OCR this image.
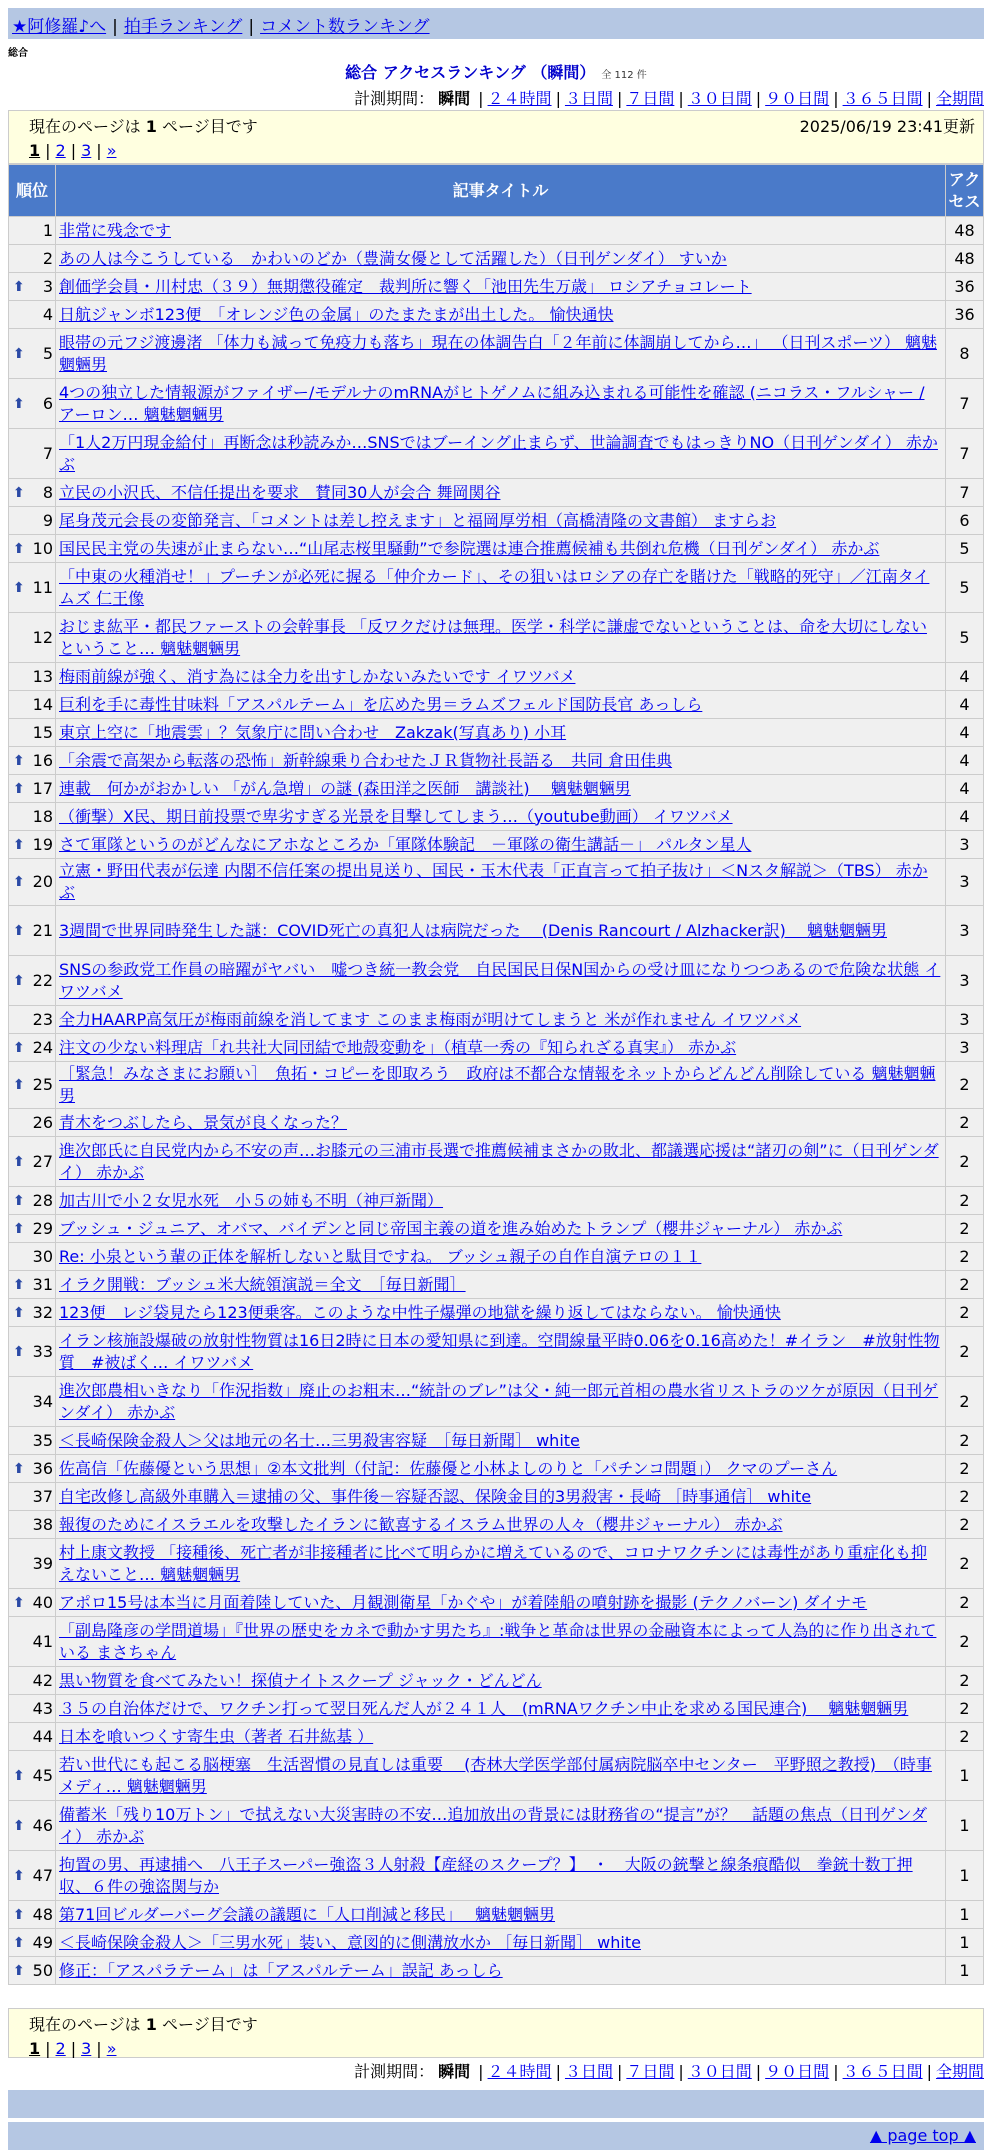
★阿修羅♪へ | 拍手ランキング | コメント数ランキング
総合
総合 アクセスランキング （瞬間） 全 112 件
計測期間： 瞬間 | ２４時間 | ３日間 | ７日間 | ３０日間 | ９０日間 | ３６５日間 | 全期間
現在のページは 1 ページ目です
1 | 2 | 3 | »
2025/06/19 23:41更新
順位	記事タイトル	アクセス
1	非常に残念です	48
2	あの人は今こうしている　かわいのどか（豊満女優として活躍した）（日刊ゲンダイ） すいか	48

⬆ 3	創価学会員・川村忠（３９）無期懲役確定　裁判所に響く「池田先生万歳」 ロシアチョコレート	36
4	日航ジャンボ123便　「オレンジ色の金属」のたまたまが出土した。 愉快通快	36

⬆ 5	眼帯の元フジ渡邊渚 「体力も減って免疫力も落ち」現在の体調告白「２年前に体調崩してから…」 （日刊スポーツ） 魑魅魍魎男	8

⬆ 6	4つの独立した情報源がファイザー/モデルナのmRNAがヒトゲノムに組み込まれる可能性を確認 (ニコラス・フルシャー / アーロン… 魑魅魍魎男	7
7	「1人2万円現金給付」再断念は秒読みか…SNSではブーイング止まらず、世論調査でもはっきりNO（日刊ゲンダイ） 赤かぶ	7

⬆ 8	立民の小沢氏、不信任提出を要求　賛同30人が会合 舞岡関谷	7
9	尾身茂元会長の変節発言、「コメントは差し控えます」と福岡厚労相（高橋清隆の文書館） ますらお	6

⬆ 10	国民民主党の失速が止まらない…“山尾志桜里騒動”で参院選は連合推薦候補も共倒れ危機（日刊ゲンダイ） 赤かぶ	5

⬆ 11	「中東の火種消せ！」プーチンが必死に握る「仲介カード」、その狙いはロシアの存亡を賭けた「戦略的死守」／江南タイムズ 仁王像	5
12	おじま紘平・都民ファーストの会幹事長 「反ワクだけは無理。医学・科学に謙虚でないということは、命を大切にしないということ… 魑魅魍魎男	5
13	梅雨前線が強く、消す為には全力を出すしかないみたいです イワツバメ	4
14	巨利を手に毒性甘味料「アスパルテーム」を広めた男＝ラムズフェルド国防長官 あっしら	4
15	東京上空に「地震雲」？気象庁に問い合わせ　Zakzak(写真あり) 小耳	4

⬆ 16	「余震で高架から転落の恐怖」新幹線乗り合わせたＪＲ貨物社長語る　共同 倉田佳典	4

⬆ 17	連載　何かがおかしい 「がん急増」の謎 (森田洋之医師　講談社)　 魑魅魍魎男	4
18	（衝撃）X民、期日前投票で卑劣すぎる光景を目撃してしまう…（youtube動画） イワツバメ	4

⬆ 19	さて軍隊というのがどんなにアホなところか「軍隊体験記　－軍隊の衛生講話－」 パルタン星人	3

⬆ 20	立憲・野田代表が伝達 内閣不信任案の提出見送り、国民・玉木代表「正直言って拍子抜け」＜Nスタ解説＞（TBS） 赤かぶ	3

⬆ 21	3週間で世界同時発生した謎：COVID死亡の真犯人は病院だった　 (Denis Rancourt / Alzhacker訳)　 魑魅魍魎男	3

⬆ 22	SNSの参政党工作員の暗躍がヤバい　嘘つき統一教会党　自民国民日保N国からの受け皿になりつつあるので危険な状態 イワツバメ	3
23	全力HAARP高気圧が梅雨前線を消してます このまま梅雨が明けてしまうと 米が作れません イワツバメ	3

⬆ 24	注文の少ない料理店「れ共社大同団結で地殻変動を」（植草一秀の『知られざる真実』） 赤かぶ	3

⬆ 25	［緊急！みなさまにお願い］　魚拓・コピーを即取ろう　政府は不都合な情報をネットからどんどん削除している 魑魅魍魎男	2
26	青木をつぶしたら、景気が良くなった？	2

⬆ 27	進次郎氏に自民党内から不安の声…お膝元の三浦市長選で推薦候補まさかの敗北、都議選応援は“諸刃の剣”に（日刊ゲンダイ） 赤かぶ	2

⬆ 28	加古川で小２女児水死　小５の姉も不明（神戸新聞）	2

⬆ 29	ブッシュ・ジュニア、オバマ、バイデンと同じ帝国主義の道を進み始めたトランプ（櫻井ジャーナル） 赤かぶ	2
30	Re: 小泉という輩の正体を解析しないと駄目ですね。 ブッシュ親子の自作自演テロの１１	2

⬆ 31	イラク開戦：ブッシュ米大統領演説＝全文　［毎日新聞］	2

⬆ 32	123便　レジ袋見たら123便乗客。このような中性子爆弾の地獄を繰り返してはならない。 愉快通快	2

⬆ 33	イラン核施設爆破の放射性物質は16日2時に日本の愛知県に到達。空間線量平時0.06を0.16高めた！#イラン　#放射性物質　#被ばく… イワツバメ	2
34	進次郎農相いきなり「作況指数」廃止のお粗末…“統計のブレ”は父・純一郎元首相の農水省リストラのツケが原因（日刊ゲンダイ） 赤かぶ	2
35	＜長崎保険金殺人＞父は地元の名士…三男殺害容疑　［毎日新聞］ white	2

⬆ 36	佐高信「佐藤優という思想」②本文批判（付記：佐藤優と小林よしのりと「パチンコ問題」） クマのプーさん	2
37	自宅改修し高級外車購入＝逮捕の父、事件後－容疑否認、保険金目的3男殺害・長崎 ［時事通信］ white	2
38	報復のためにイスラエルを攻撃したイランに歓喜するイスラム世界の人々（櫻井ジャーナル） 赤かぶ	2
39	村上康文教授 「接種後、死亡者が非接種者に比べて明らかに増えているので、コロナワクチンには毒性があり重症化も抑えないこと… 魑魅魍魎男	2

⬆ 40	アポロ15号は本当に月面着陸していた、月観測衛星「かぐや」が着陸船の噴射跡を撮影 (テクノバーン) ダイナモ	2
41	「副島隆彦の学問道場」『世界の歴史をカネで動かす男たち』:戦争と革命は世界の金融資本によって人為的に作り出されている まさちゃん	2
42	黒い物質を食べてみたい！探偵ナイトスクープ ジャック・どんどん	2
43	３５の自治体だけで、ワクチン打って翌日死んだ人が２４１人　(mRNAワクチン中止を求める国民連合)　 魑魅魍魎男	2
44	日本を喰いつくす寄生虫（著者 石井紘基 ）	2

⬆ 45	若い世代にも起こる脳梗塞　生活習慣の見直しは重要　 (杏林大学医学部付属病院脳卒中センター　平野照之教授)　（時事メディ… 魑魅魍魎男	1

⬆ 46	備蓄米「残り10万トン」で拭えない大災害時の不安…追加放出の背景には財務省の“提言”が？　話題の焦点（日刊ゲンダイ） 赤かぶ	1

⬆ 47	拘置の男、再逮捕へ　八王子スーパー強盗３人射殺【産経のスクープ？】　・　大阪の銃撃と線条痕酷似　拳銃十数丁押収、６件の強盗関与か	1

⬆ 48	第71回ビルダーバーグ会議の議題に「人口削減と移民」　 魑魅魍魎男	1

⬆ 49	＜長崎保険金殺人＞「三男水死」装い、意図的に側溝放水か ［毎日新聞］ white	1

⬆ 50	修正：「アスパラテーム」は「アスパルテーム」誤記 あっしら	1
現在のページは 1 ページ目です
1 | 2 | 3 | »
計測期間： 瞬間 | ２４時間 | ３日間 | ７日間 | ３０日間 | ９０日間 | ３６５日間 | 全期間
▲ page top ▲
